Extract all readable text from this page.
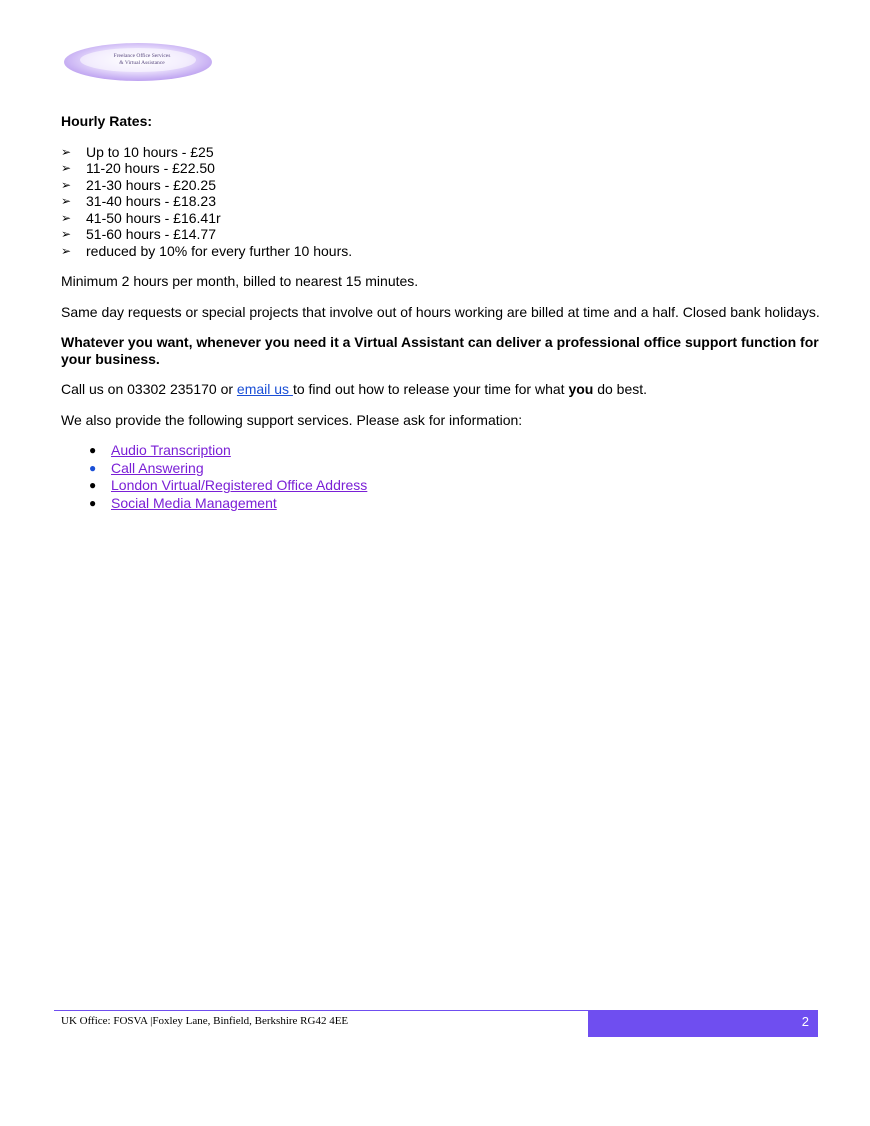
Freelance Office Services
& Virtual Assistance
Hourly Rates:
➢ Up to 10 hours - £25
➢ 11-20 hours - £22.50
➢ 21-30 hours - £20.25
➢ 31-40 hours - £18.23
➢ 41-50 hours - £16.41r
➢ 51-60 hours - £14.77
➢ reduced by 10% for every further 10 hours.

Minimum 2 hours per month, billed to nearest 15 minutes.

Same day requests or special projects that involve out of hours working are billed at time and a half. Closed bank holidays.

Whatever you want, whenever you need it a Virtual Assistant can deliver a professional office support function for your business.

Call us on 03302 235170 or email us to find out how to release your time for what you do best.

We also provide the following support services. Please ask for information:

● Audio Transcription
● Call Answering
● London Virtual/Registered Office Address
● Social Media Management
UK Office: FOSVA |Foxley Lane, Binfield, Berkshire RG42 4EE	2
